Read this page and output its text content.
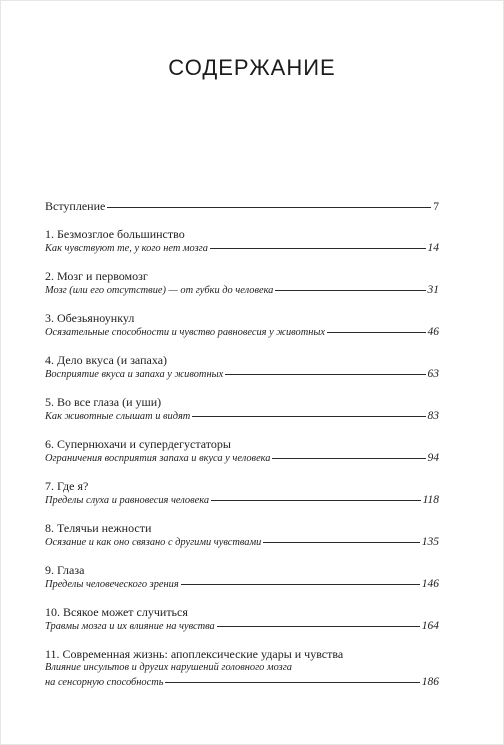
СОДЕРЖАНИЕ
Вступление	7
1. Безмозглое большинство
Как чувствуют те, у кого нет мозга	14
2. Мозг и первомозг
Мозг (или его отсутствие) — от губки до человека	31
3. Обезьяноункул
Осязательные способности и чувство равновесия у животных	46
4. Дело вкуса (и запаха)
Восприятие вкуса и запаха у животных	63
5. Во все глаза (и уши)
Как животные слышат и видят	83
6. Супернюхачи и супердегустаторы
Ограничения восприятия запаха и вкуса у человека	94
7. Где я?
Пределы слуха и равновесия человека	118
8. Телячьи нежности
Осязание и как оно связано с другими чувствами	135
9. Глаза
Пределы человеческого зрения	146
10. Всякое может случиться
Травмы мозга и их влияние на чувства	164
11. Современная жизнь: апоплексические удары и чувства
Влияние инсультов и других нарушений головного мозга
на сенсорную способность	186
